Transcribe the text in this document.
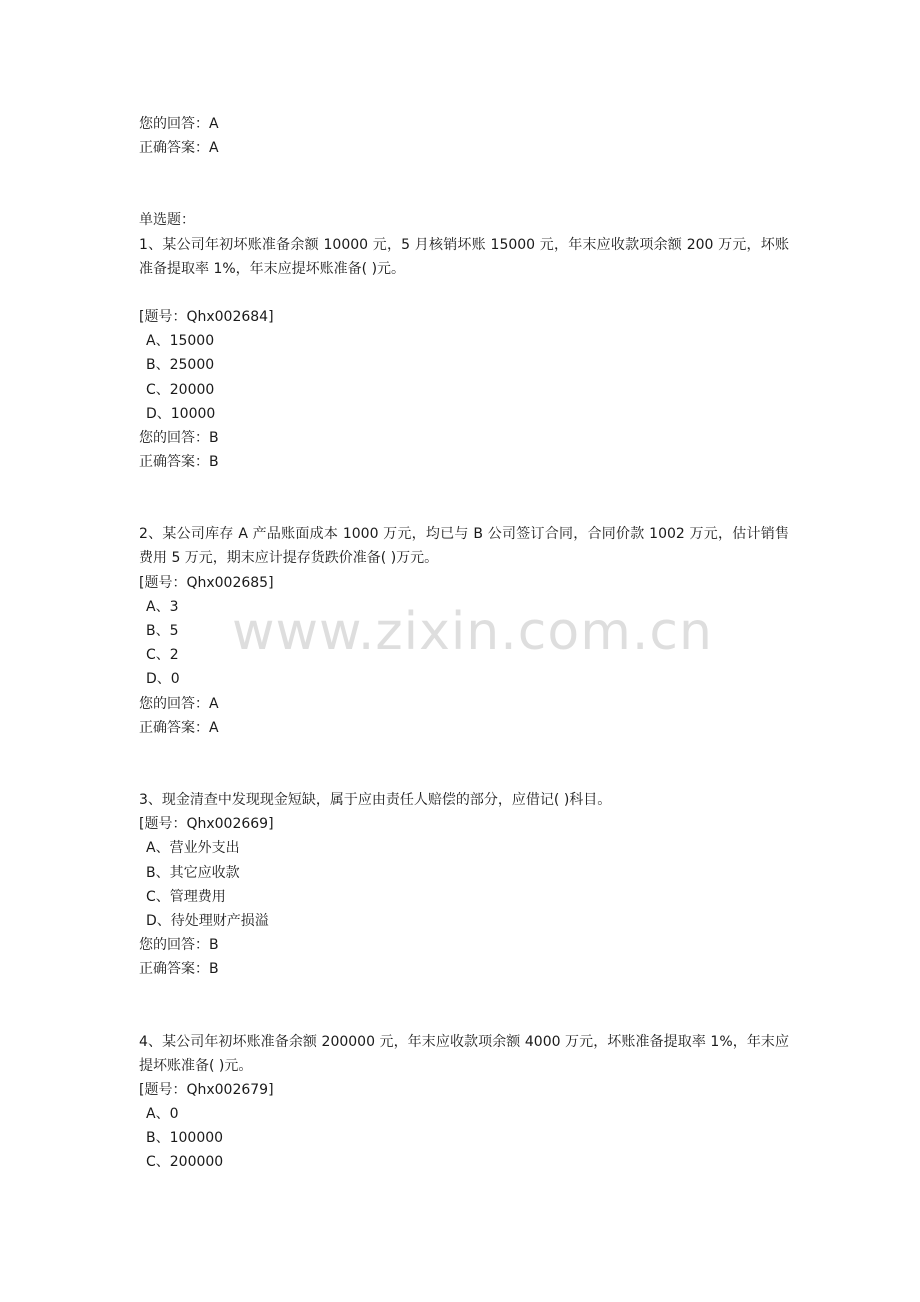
您的回答：A
正确答案：A
单选题：
1、某公司年初坏账准备余额 10000 元，5 月核销坏账 15000 元，年末应收款项余额 200 万元，坏账准备提取率 1%，年末应提坏账准备( )元。
[题号：Qhx002684]
A、15000
B、25000
C、20000
D、10000
您的回答：B
正确答案：B
2、某公司库存 A 产品账面成本 1000 万元，均已与 B 公司签订合同，合同价款 1002 万元，估计销售费用 5 万元，期末应计提存货跌价准备( )万元。
[题号：Qhx002685]
A、3
B、5
C、2
D、0
您的回答：A
正确答案：A
3、现金清查中发现现金短缺，属于应由责任人赔偿的部分，应借记( )科目。
[题号：Qhx002669]
A、营业外支出
B、其它应收款
C、管理费用
D、待处理财产损溢
您的回答：B
正确答案：B
4、某公司年初坏账准备余额 200000 元，年末应收款项余额 4000 万元，坏账准备提取率 1%，年末应提坏账准备( )元。
[题号：Qhx002679]
A、0
B、100000
C、200000
www.zixin.com.cn
